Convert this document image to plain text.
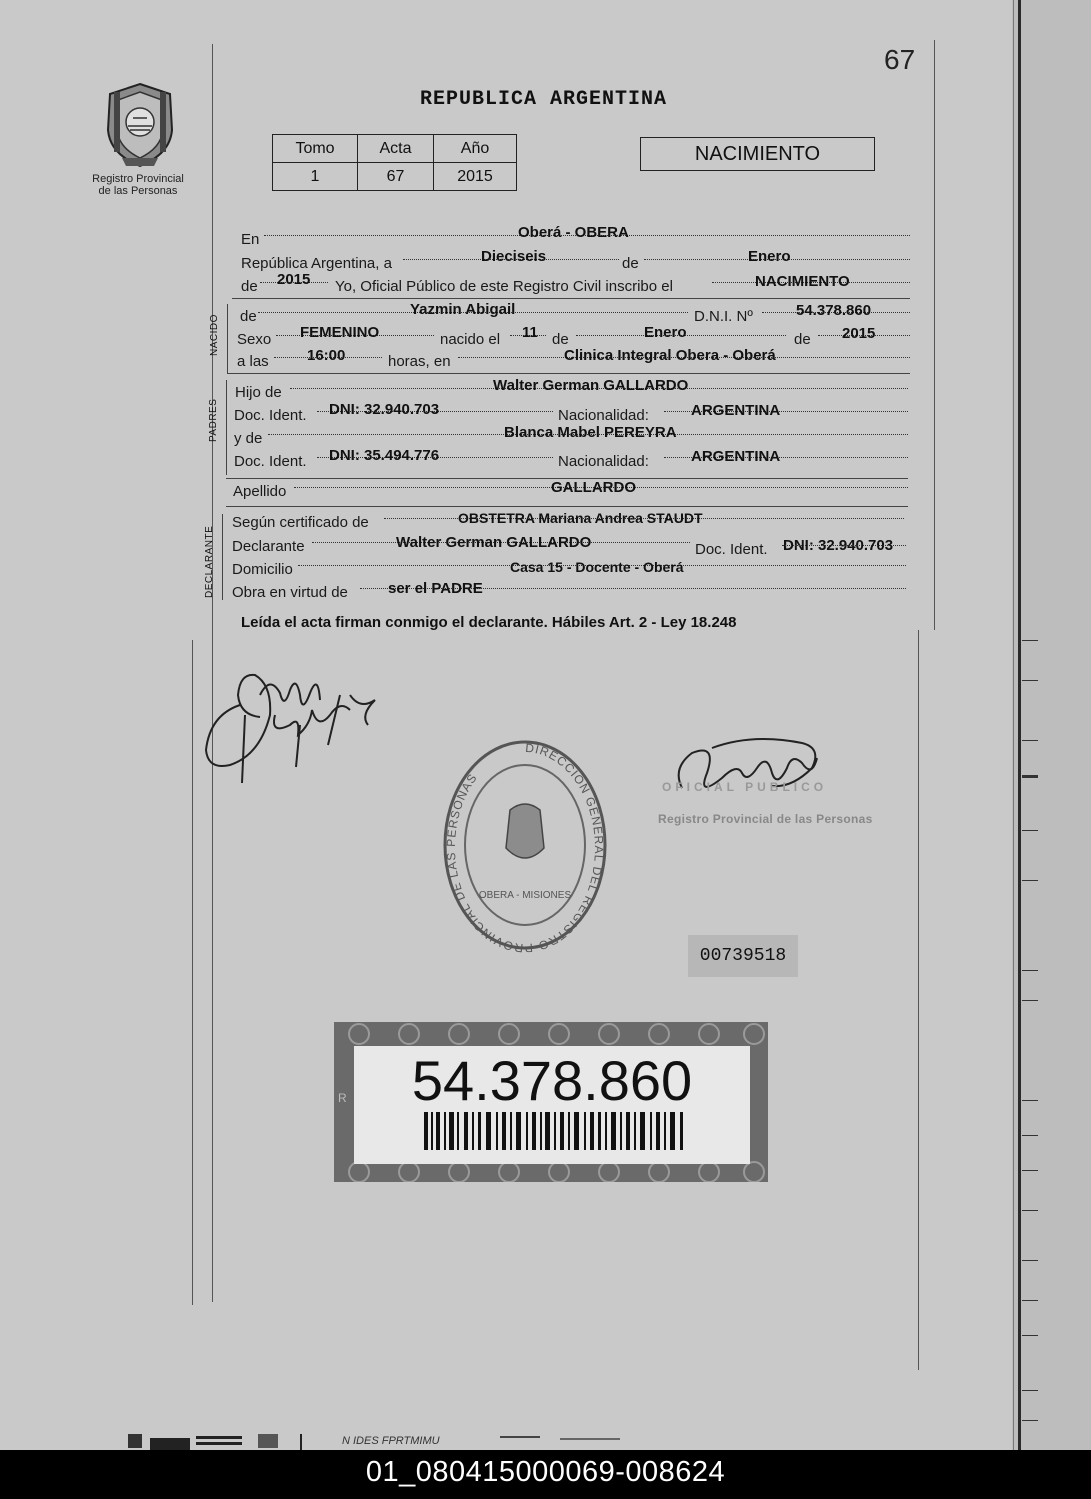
67
Registro Provincial
de las Personas
REPUBLICA ARGENTINA
Tomo	Acta	Año
1	67	2015
NACIMIENTO
En	Oberá - OBERA
República Argentina, a	Dieciseis	de	Enero
de 2015 Yo, Oficial Público de este Registro Civil inscribo el	NACIMIENTO
NACIDO de	Yazmin Abigail	D.N.I. Nº	54.378.860
Sexo FEMENINO	nacido el 11 de	Enero	de 2015
a las	16:00	horas, en	Clinica Integral Obera - Oberá
PADRES
Hijo de	Walter German GALLARDO
Doc. Ident. DNI: 32.940.703	Nacionalidad:	ARGENTINA
y de	Blanca Mabel PEREYRA
Doc. Ident. DNI: 35.494.776	Nacionalidad:	ARGENTINA
Apellido	GALLARDO
DECLARANTE
Según certificado de	OBSTETRA Mariana Andrea STAUDT
Declarante	Walter German GALLARDO	Doc. Ident. DNI: 32.940.703
Domicilio	Casa 15 - Docente - Oberá
Obra en virtud de	ser el PADRE
Leída el acta firman conmigo el declarante. Hábiles Art. 2 - Ley 18.248
DIRECCION GENERAL DEL REGISTRO PROVINCIAL DE LAS PERSONAS
OBERA - MISIONES
OFICIAL PUBLICO
Registro Provincial de las Personas
00739518
R	54.378.860
N IDES FPRTMIMU
01_080415000069-008624
